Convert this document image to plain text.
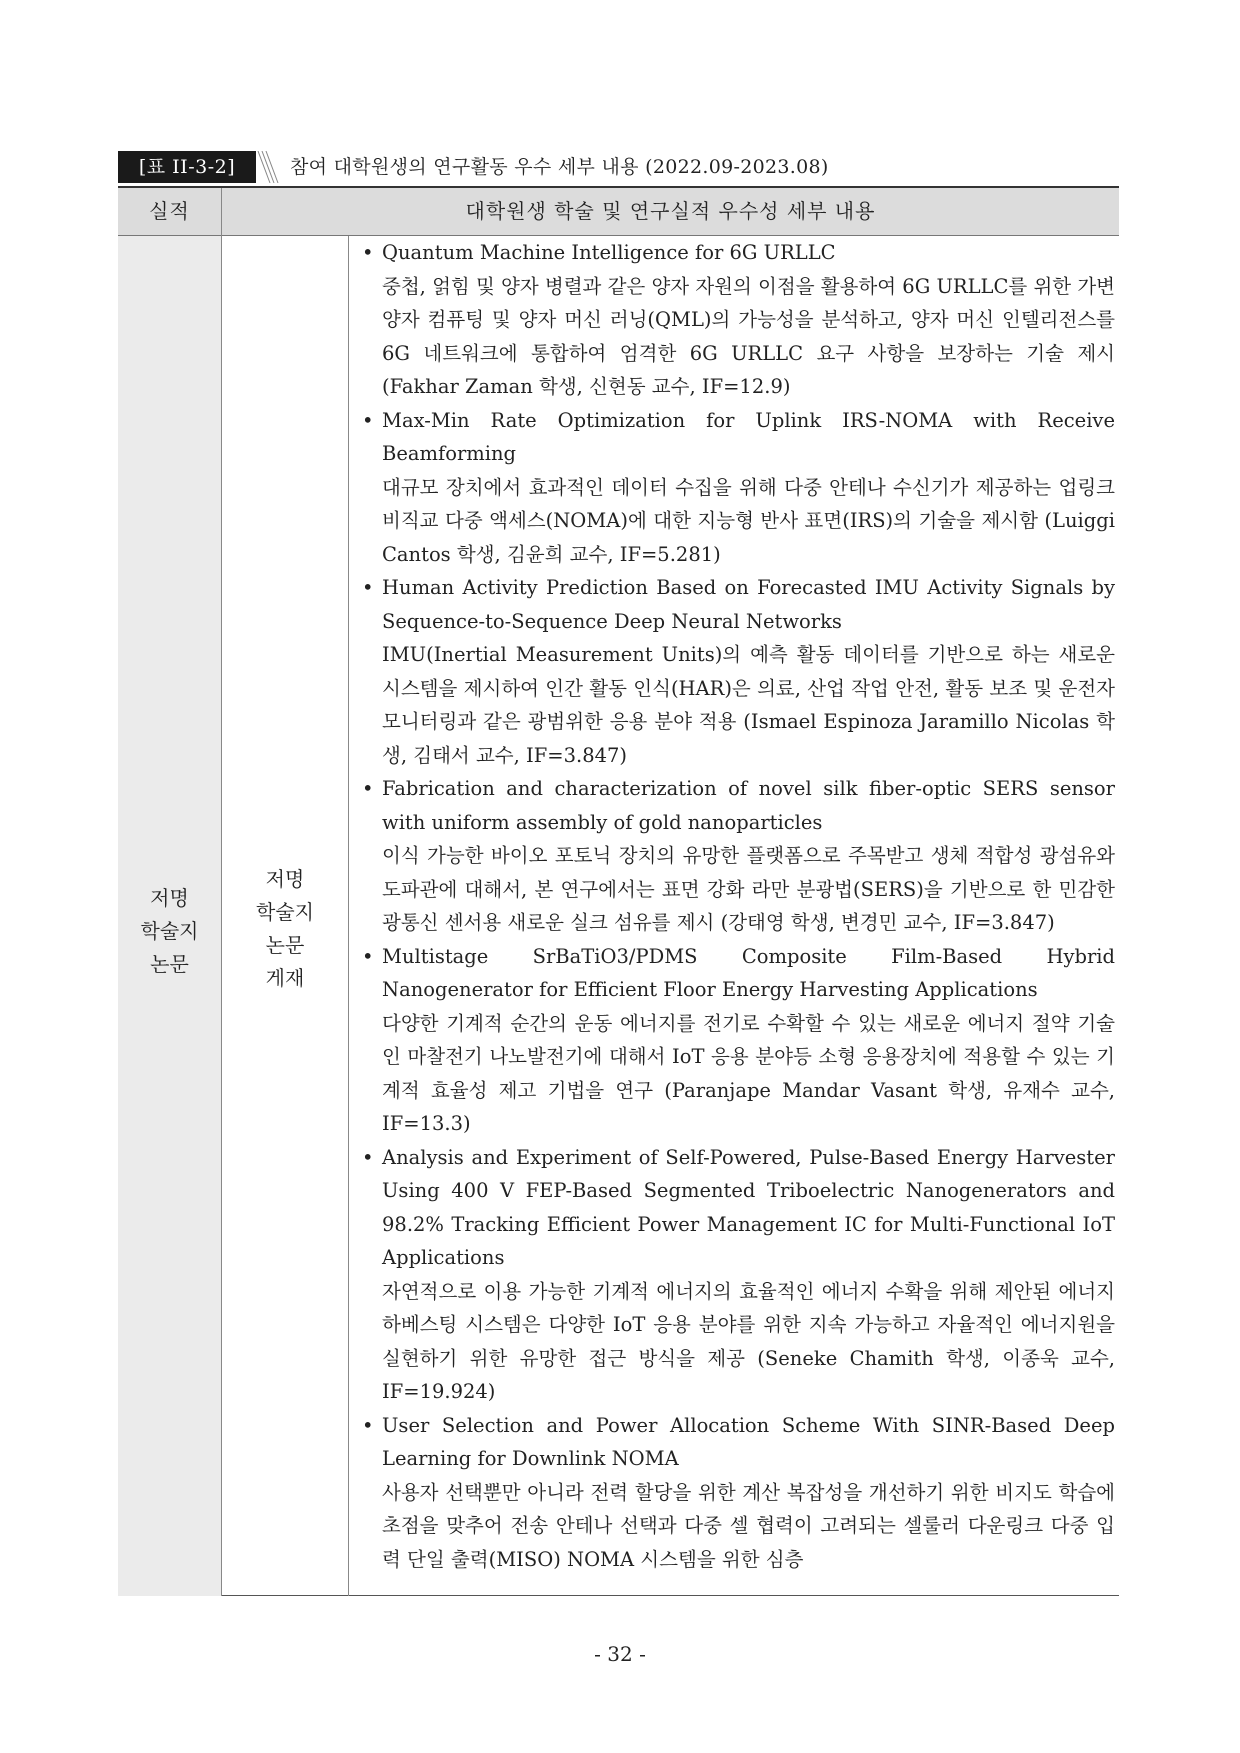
[표 II-3-2]	참여 대학원생의 연구활동 우수 세부 내용 (2022.09-2023.08)
실적	대학원생 학술 및 연구실적 우수성 세부 내용
저명
학술지
논문
저명
학술지
논문
게재
• Quantum Machine Intelligence for 6G URLLC
중첩, 얽힘 및 양자 병렬과 같은 양자 자원의 이점을 활용하여 6G URLLC를 위한 가변 양자 컴퓨팅 및 양자 머신 러닝(QML)의 가능성을 분석하고, 양자 머신 인텔리전스를 6G 네트워크에 통합하여 엄격한 6G URLLC 요구 사항을 보장하는 기술 제시 (Fakhar Zaman 학생, 신현동 교수, IF=12.9)
• Max-Min Rate Optimization for Uplink IRS-NOMA with Receive Beamforming
대규모 장치에서 효과적인 데이터 수집을 위해 다중 안테나 수신기가 제공하는 업링크 비직교 다중 액세스(NOMA)에 대한 지능형 반사 표면(IRS)의 기술을 제시함 (Luiggi Cantos 학생, 김윤희 교수, IF=5.281)
• Human Activity Prediction Based on Forecasted IMU Activity Signals by Sequence-to-Sequence Deep Neural Networks
IMU(Inertial Measurement Units)의 예측 활동 데이터를 기반으로 하는 새로운 시스템을 제시하여 인간 활동 인식(HAR)은 의료, 산업 작업 안전, 활동 보조 및 운전자 모니터링과 같은 광범위한 응용 분야 적용 (Ismael Espinoza Jaramillo Nicolas 학생, 김태서 교수, IF=3.847)
• Fabrication and characterization of novel silk fiber-optic SERS sensor with uniform assembly of gold nanoparticles
이식 가능한 바이오 포토닉 장치의 유망한 플랫폼으로 주목받고 생체 적합성 광섬유와 도파관에 대해서, 본 연구에서는 표면 강화 라만 분광법(SERS)을 기반으로 한 민감한 광통신 센서용 새로운 실크 섬유를 제시 (강태영 학생, 변경민 교수, IF=3.847)
• Multistage SrBaTiO3/PDMS Composite Film-Based Hybrid Nanogenerator for Efficient Floor Energy Harvesting Applications
다양한 기계적 순간의 운동 에너지를 전기로 수확할 수 있는 새로운 에너지 절약 기술인 마찰전기 나노발전기에 대해서 IoT 응용 분야등 소형 응용장치에 적용할 수 있는 기계적 효율성 제고 기법을 연구 (Paranjape Mandar Vasant 학생, 유재수 교수, IF=13.3)
• Analysis and Experiment of Self-Powered, Pulse-Based Energy Harvester Using 400 V FEP-Based Segmented Triboelectric Nanogenerators and 98.2% Tracking Efficient Power Management IC for Multi-Functional IoT Applications
자연적으로 이용 가능한 기계적 에너지의 효율적인 에너지 수확을 위해 제안된 에너지 하베스팅 시스템은 다양한 IoT 응용 분야를 위한 지속 가능하고 자율적인 에너지원을 실현하기 위한 유망한 접근 방식을 제공 (Seneke Chamith 학생, 이종욱 교수, IF=19.924)
• User Selection and Power Allocation Scheme With SINR-Based Deep Learning for Downlink NOMA
사용자 선택뿐만 아니라 전력 할당을 위한 계산 복잡성을 개선하기 위한 비지도 학습에 초점을 맞추어 전송 안테나 선택과 다중 셀 협력이 고려되는 셀룰러 다운링크 다중 입력 단일 출력(MISO) NOMA 시스템을 위한 심층
- 32 -
